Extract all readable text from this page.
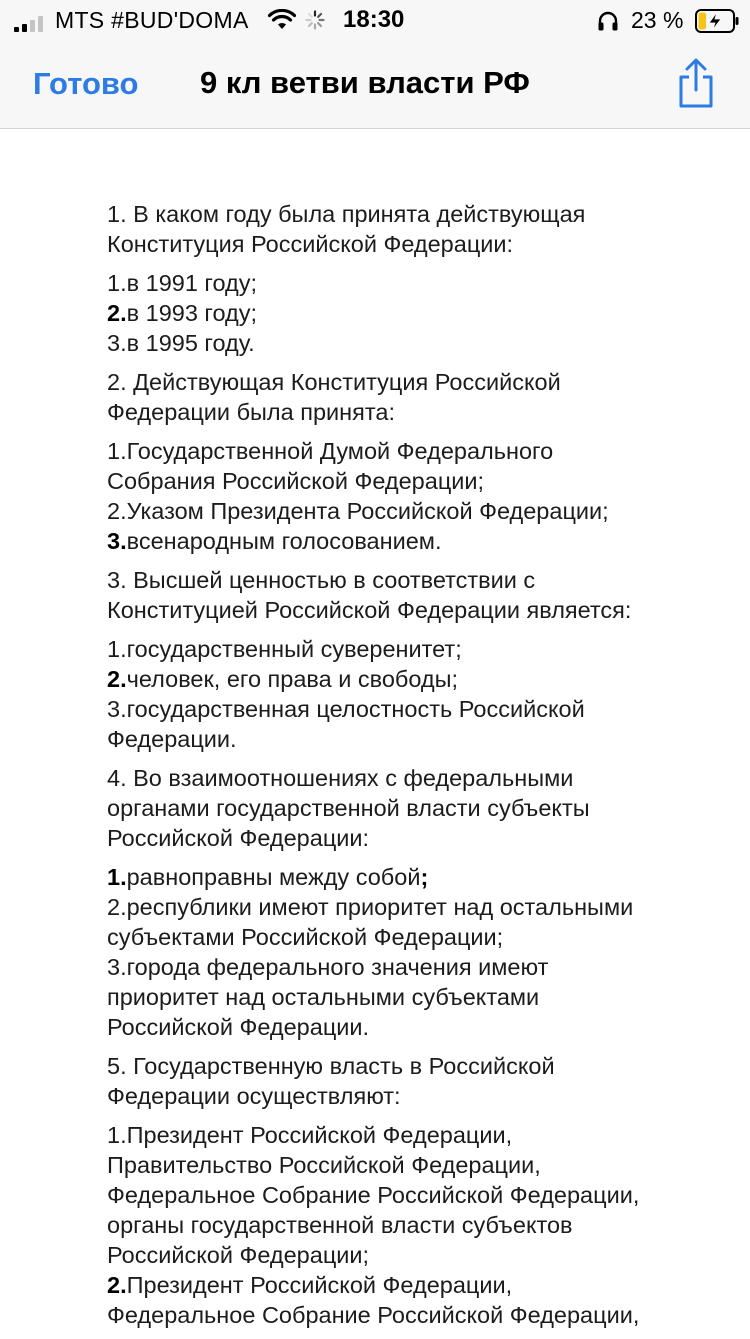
MTS #BUD'DOMA	18:30	23 %
Готово 9 кл ветви власти РФ

1. В каком году была принята действующая
Конституция Российской Федерации:

1.в 1991 году;
2.в 1993 году;
3.в 1995 году.

2. Действующая Конституция Российской
Федерации была принята:

1.Государственной Думой Федерального
Собрания Российской Федерации;
2.Указом Президента Российской Федерации;
3.всенародным голосованием.

3. Высшей ценностью в соответствии с
Конституцией Российской Федерации является:

1.государственный суверенитет;
2.человек, его права и свободы;
3.государственная целостность Российской
Федерации.

4. Во взаимоотношениях с федеральными
органами государственной власти субъекты
Российской Федерации:

1.равноправны между собой;
2.республики имеют приоритет над остальными
субъектами Российской Федерации;
3.города федерального значения имеют
приоритет над остальными субъектами
Российской Федерации.

5. Государственную власть в Российской
Федерации осуществляют:

1.Президент Российской Федерации,
Правительство Российской Федерации,
Федеральное Собрание Российской Федерации,
органы государственной власти субъектов
Российской Федерации;
2.Президент Российской Федерации,
Федеральное Собрание Российской Федерации,
